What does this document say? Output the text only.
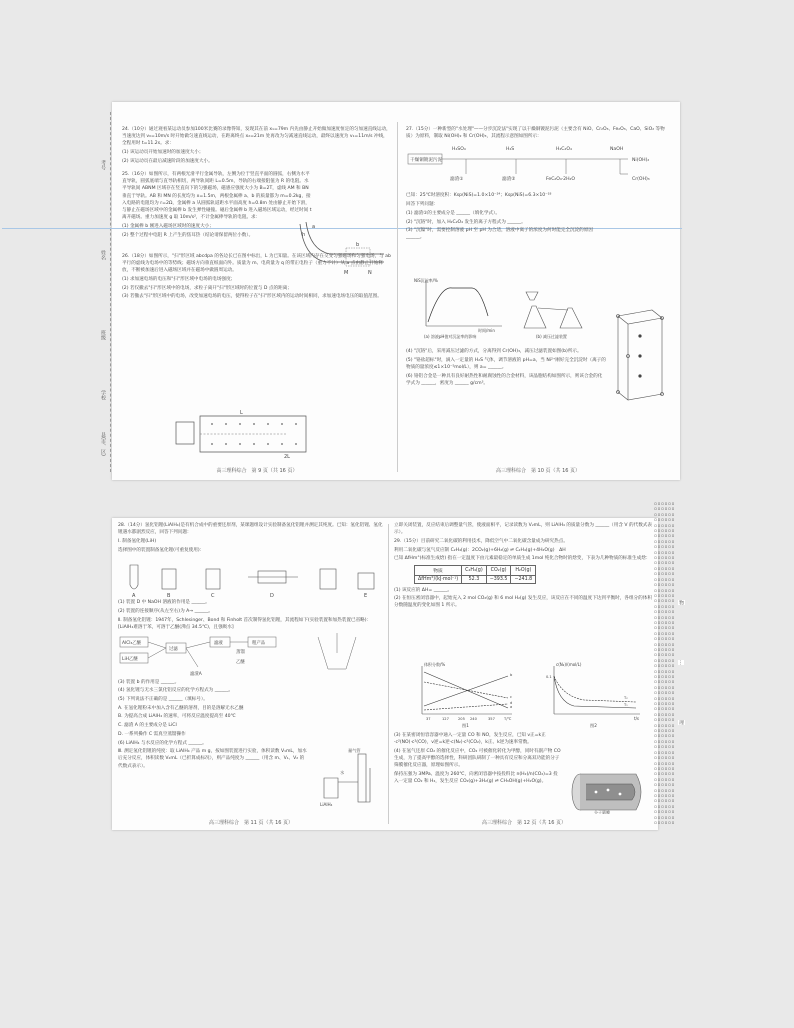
考号
姓名
班级
学校
县(市、区)

24.（10分）通过观看某运动员参加100米比赛的录像得知，发现其在前 x₁=79m 内先由静止开始做加速度恒定的匀加速直线运动，当速度达到 v₀=10m/s 时开始做匀速直线运动，在距离终点 x₂=21m 处再改为匀减速直线运动，最终以速度为 v₁=11m/s 冲线，全程用时 t=11.2s。求：

(1) 该运动员开始加速时的加速度大小；

(2) 该运动员在最后减速阶段的加速度大小。

25.（16分）如图所示，有两根光滑平行金属导轨，左侧为位于竖直平面的圆弧，右侧为水平直导轨，圆弧底端与直导轨相切，两导轨间距 L=0.5m，导轨的右端接阻值为 R 的电阻。水平导轨间 ABNM 区域存在竖直向下的匀强磁场，磁感应强度大小为 B=2T，虚线 AM 和 BN 垂直于导轨。AB 和 MN 的长度均为 x=1.5m，两根金属棒 a、b 的质量都为 m=0.2kg，接入电路的电阻均为 r=2Ω，金属棒 a 从圆弧轨道距水平面高度 h=0.8m 处由静止开始下滑，与静止在磁场区域中的金属棒 b 发生弹性碰撞。碰后金属棒 b 进入磁场区域运动，经过时间 t 离开磁场。重力加速度 g 取 10m/s²，不计金属棒导轨的电阻。求：

(1) 金属棒 b 刚进入磁场区域时的速度大小；

(2) 整个过程中电阻 R 上产生的焦耳热（结论请保留两位小数）。	h
a
b
M	N

26.（18分）如图所示，"扫"形区域 abcdpa 的各边长已在图中标出，L 为已知量。在该区域内存在交变匀强磁场和匀强电场，与 ab 平行的虚线为电场中的等势线；磁场方向垂直纸面向外。质量为 m、电荷量为 q 的带正电粒子（重力不计）从 a 点由静止开始释放，不断被加速后进入磁场区域并在磁场中做圆周运动。

(1) 求加速电场的电压和"扫"形区域中电场的电场强度；

(2) 若仅撤去"扫"形区域中的电场，求粒子离开"扫"形区域时的位置与 D 点的距离；

(3) 若撤去"扫"形区域中的电场，改变加速电场的电压，使得粒子在"扫"形区域内的运动时间相同，求加速电场电压的取值范围。

L
2L
高三理科综合　第 9 页（共 16 页）

27.（15分）一种新型的"水处理"——分步沉淀法"实现了以干燥铜镀泥污泥（主要含有 NiO、Cr₂O₃、Fe₂O₃、CaO、SiO₂ 等物质）为原料，制取 Ni(OH)₂ 和 Cr(OH)₃，其流程示意图如图所示：

干燥铜镀泥污泥
H₂SO₄	H₂S	H₂C₂O₄	NaOH
Ni(OH)₂
滤渣①	滤渣②	FeC₂O₄·2H₂O	Cr(OH)₃

已知：25℃时溶度积：Ksp(NiS)=1.0×10⁻²⁴；Ksp(NiS)=6.3×10⁻¹⁸

回答下列问题：

(1) 滤渣①的主要成分是 ______（填化学式）。

(2) "沉铬"时，加入 H₂C₂O₄ 发生的离子方程式为 ______。

(3) "沉镍"时，需要控制溶液 pH 至 pH 为合适，溶液中离子的浓度为何时能完全沉淀的原因 ______。

NiS沉淀率/%
时间/min
(a) 溶液pH值对沉淀率的影响	(b) 减压过滤装置

(4) "沉铬"后，采用减压过滤的方式，分离得到 Cr(OH)₃，减压过滤装置如图(b)所示。

(5) "铬盐超标"时，滴入一定量的 H₂S 气体，调节溶液的 pH=a，当 Ni²⁺刚好完全沉淀时（离子的物质的量浓度≤1×10⁻⁵mol/L），则 a= ______。

(6) 铬铝合金是一种具有良好耐热性和耐腐蚀性的合金材料，该晶胞结构如图所示，则该合金的化学式为 ______，密度为 ______ g/cm³。

高三理科综合　第 10 页（共 16 页）

28.（14分）氢化铝锂(LiAlH₄)是有机合成中的重要还原剂，某课题组设计实验制备氢化铝锂并测定其纯度。已知：氢化铝锂、氢化锂遇水都剧烈反应，回答下列问题：

Ⅰ. 制备氢化锂(LiH)

选择图中的装置制备氢化锂(可重复使用)：

A	B	C	D	E

(1) 装置 D 中 NaOH 溶液的作用是 ______。

(2) 装置的连接顺序(从左至右)为 A→ ______。

Ⅱ. 制备氢化铝锂：1947年，Schlesinger、Bond 和 Finholt 首次制得氢化铝锂，其流程如下(实验装置和加热装置已省略)：[LiAlH₄难溶于苯，可溶于乙醚(沸点 34.5℃)，且强吸水]

AlCl₃乙醚
LiH乙醚
过滤
滤液
蒸馏
粗产品
乙醚
滤渣A

(3) 装置 b 的作用是 ______。

(4) 氢化锂与无水三氯化铝反应的化学方程式为 ______。

(5) 下列说法不正确的是 ______（填标号）。

A. 在氢化锂粉末中加入含有乙醚的溶剂，目的是溶解无水乙醚

B. 为提高合成 LiAlH₄ 的速率，可将反应温度提高至 40℃

C. 滤渣 A 的主要成分是 LiCl

D. 一系列操作 C 需真空蒸馏操作

(6) LiAlH₄ 与水反应的化学方程式 ______。

Ⅲ. 测定氢化铝锂的纯度：取 LiAlH₄ 产品 m g，按如图装置进行实验，体积读数 V₁mL，加水后充分反应，体积读数 V₂mL（已折算成标况），则产品纯度为 ______（用含 m、V₁、V₂ 的代数式表示）。

LiAlH₄
水
量气管
高三理科综合　第 11 页（共 16 页）

立即关闭装置，反应结束后调整量气管，使液面相平，记录读数为 V₂mL，则 LiAlH₄ 的质量分数为 ______（用含 V 的代数式表示）。

29.（15分）目前研究二氧化碳的利用技术，降低空气中二氧化碳含量成为研究热点。

利用二氧化碳与氢气反应制 C₂H₄(g)：2CO₂(g)+6H₂(g) ⇌ C₂H₄(g)+4H₂O(g)　ΔH

已知 ΔfHm°(标准生成焓) 指在一定温度下由元素最稳定的单质生成 1mol 纯化合物时的焓变，下表为几种物质的标准生成焓：

物质	C₂H₄(g)	CO₂(g)	H₂O(g)
ΔfHm°/(kJ·mol⁻¹)	52.3	−393.5	−241.8

(1) 该反应的 ΔH= ______。

(2) 在恒压密闭容器中，起始充入 2 mol CO₂(g) 和 6 mol H₂(g) 发生反应，该反应在不同的温度下达到平衡时，各组分的体积分数随温度的变化如图 1 所示。

体积分数/%
37	127	205 240	357	T/℃
a
b
c
d
图1
c(N₂)/(mol/L)
0.1
t/s
T₁
T₂
图2

(3) 在某密闭恒容容器中通入一定量 CO 和 NO，发生反应，已知 v正=k正·c²(NO)·c²(CO)，v逆=k逆·c(N₂)·c²(CO₂)，k正、k逆为速率常数。

(4) 在氢气还原 CO₂ 的催化反应中，CO₂ 可被催化转化为甲醇，同时有副产物 CO 生成，为了提高甲醇的选择性，科研团队研制了一种具有反应和分离双功能的分子筛膜催化反应器，原理如图所示。

保持压强为 3MPa、温度为 260℃，向密闭容器中按投料比 n(H₂)/n(CO₂)=3 投入一定量 CO₂ 和 H₂，发生反应 CO₂(g)+3H₂(g) ⇌ CH₃OH(g)+H₂O(g)。

分子筛膜
高三理科综合　第 12 页（共 16 页）
▫▫▫▫▫▫
▫▫▫▫▫▫
▫▫▫▫▫▫
▫▫▫▫▫▫
▫▫▫▫▫▫
▫▫▫▫▫▫
▫▫▫▫▫▫
▫▫▫▫▫▫
▫▫▫▫▫▫
▫▫▫▫▫▫
▫▫▫▫▫▫
▫▫▫▫▫▫
▫▫▫▫▫▫
▫▫▫▫▫▫
▫▫▫▫▫▫
▫▫▫▫▫▫
▫▫▫▫▫▫
▫▫▫▫▫▫
▫▫▫▫▫▫
▫▫▫▫▫▫
▫▫▫▫▫▫
▫▫▫▫▫▫
▫▫▫▫▫▫
▫▫▫▫▫▫
▫▫▫▫▫▫
▫▫▫▫▫▫
▫▫▫▫▫▫
▫▫▫▫▫▫
▫▫▫▫▫▫
▫▫▫▫▫▫
▫▫▫▫▫▫
▫▫▫▫▫▫
▫▫▫▫▫▫
▫▫▫▫▫▫
▫▫▫▫▫▫
▫▫▫▫▫▫
▫▫▫▫▫▫
▫▫▫▫▫▫
▫▫▫▫▫▫
▫▫▫▫▫▫
▫▫▫▫▫▫
▫▫▫▫▫▫
▫▫▫▫▫▫
▫▫▫▫▫▫
▫▫▫▫▫▫
▫▫▫▫▫▫
▫▫▫▫▫▫
▫▫▫▫▫▫
▫▫▫▫▫▫
▫▫▫▫▫▫
▫▫▫▫▫▫
▫▫▫▫▫▫
▫▫▫▫▫▫
▫▫▫▫▫▫
▫▫▫▫▫▫
▫▫▫▫▫▫
▫▫▫▫▫▫
▫▫▫▫▫▫
▫▫▫▫▫▫
▫▫▫▫▫▫
物
理
…
